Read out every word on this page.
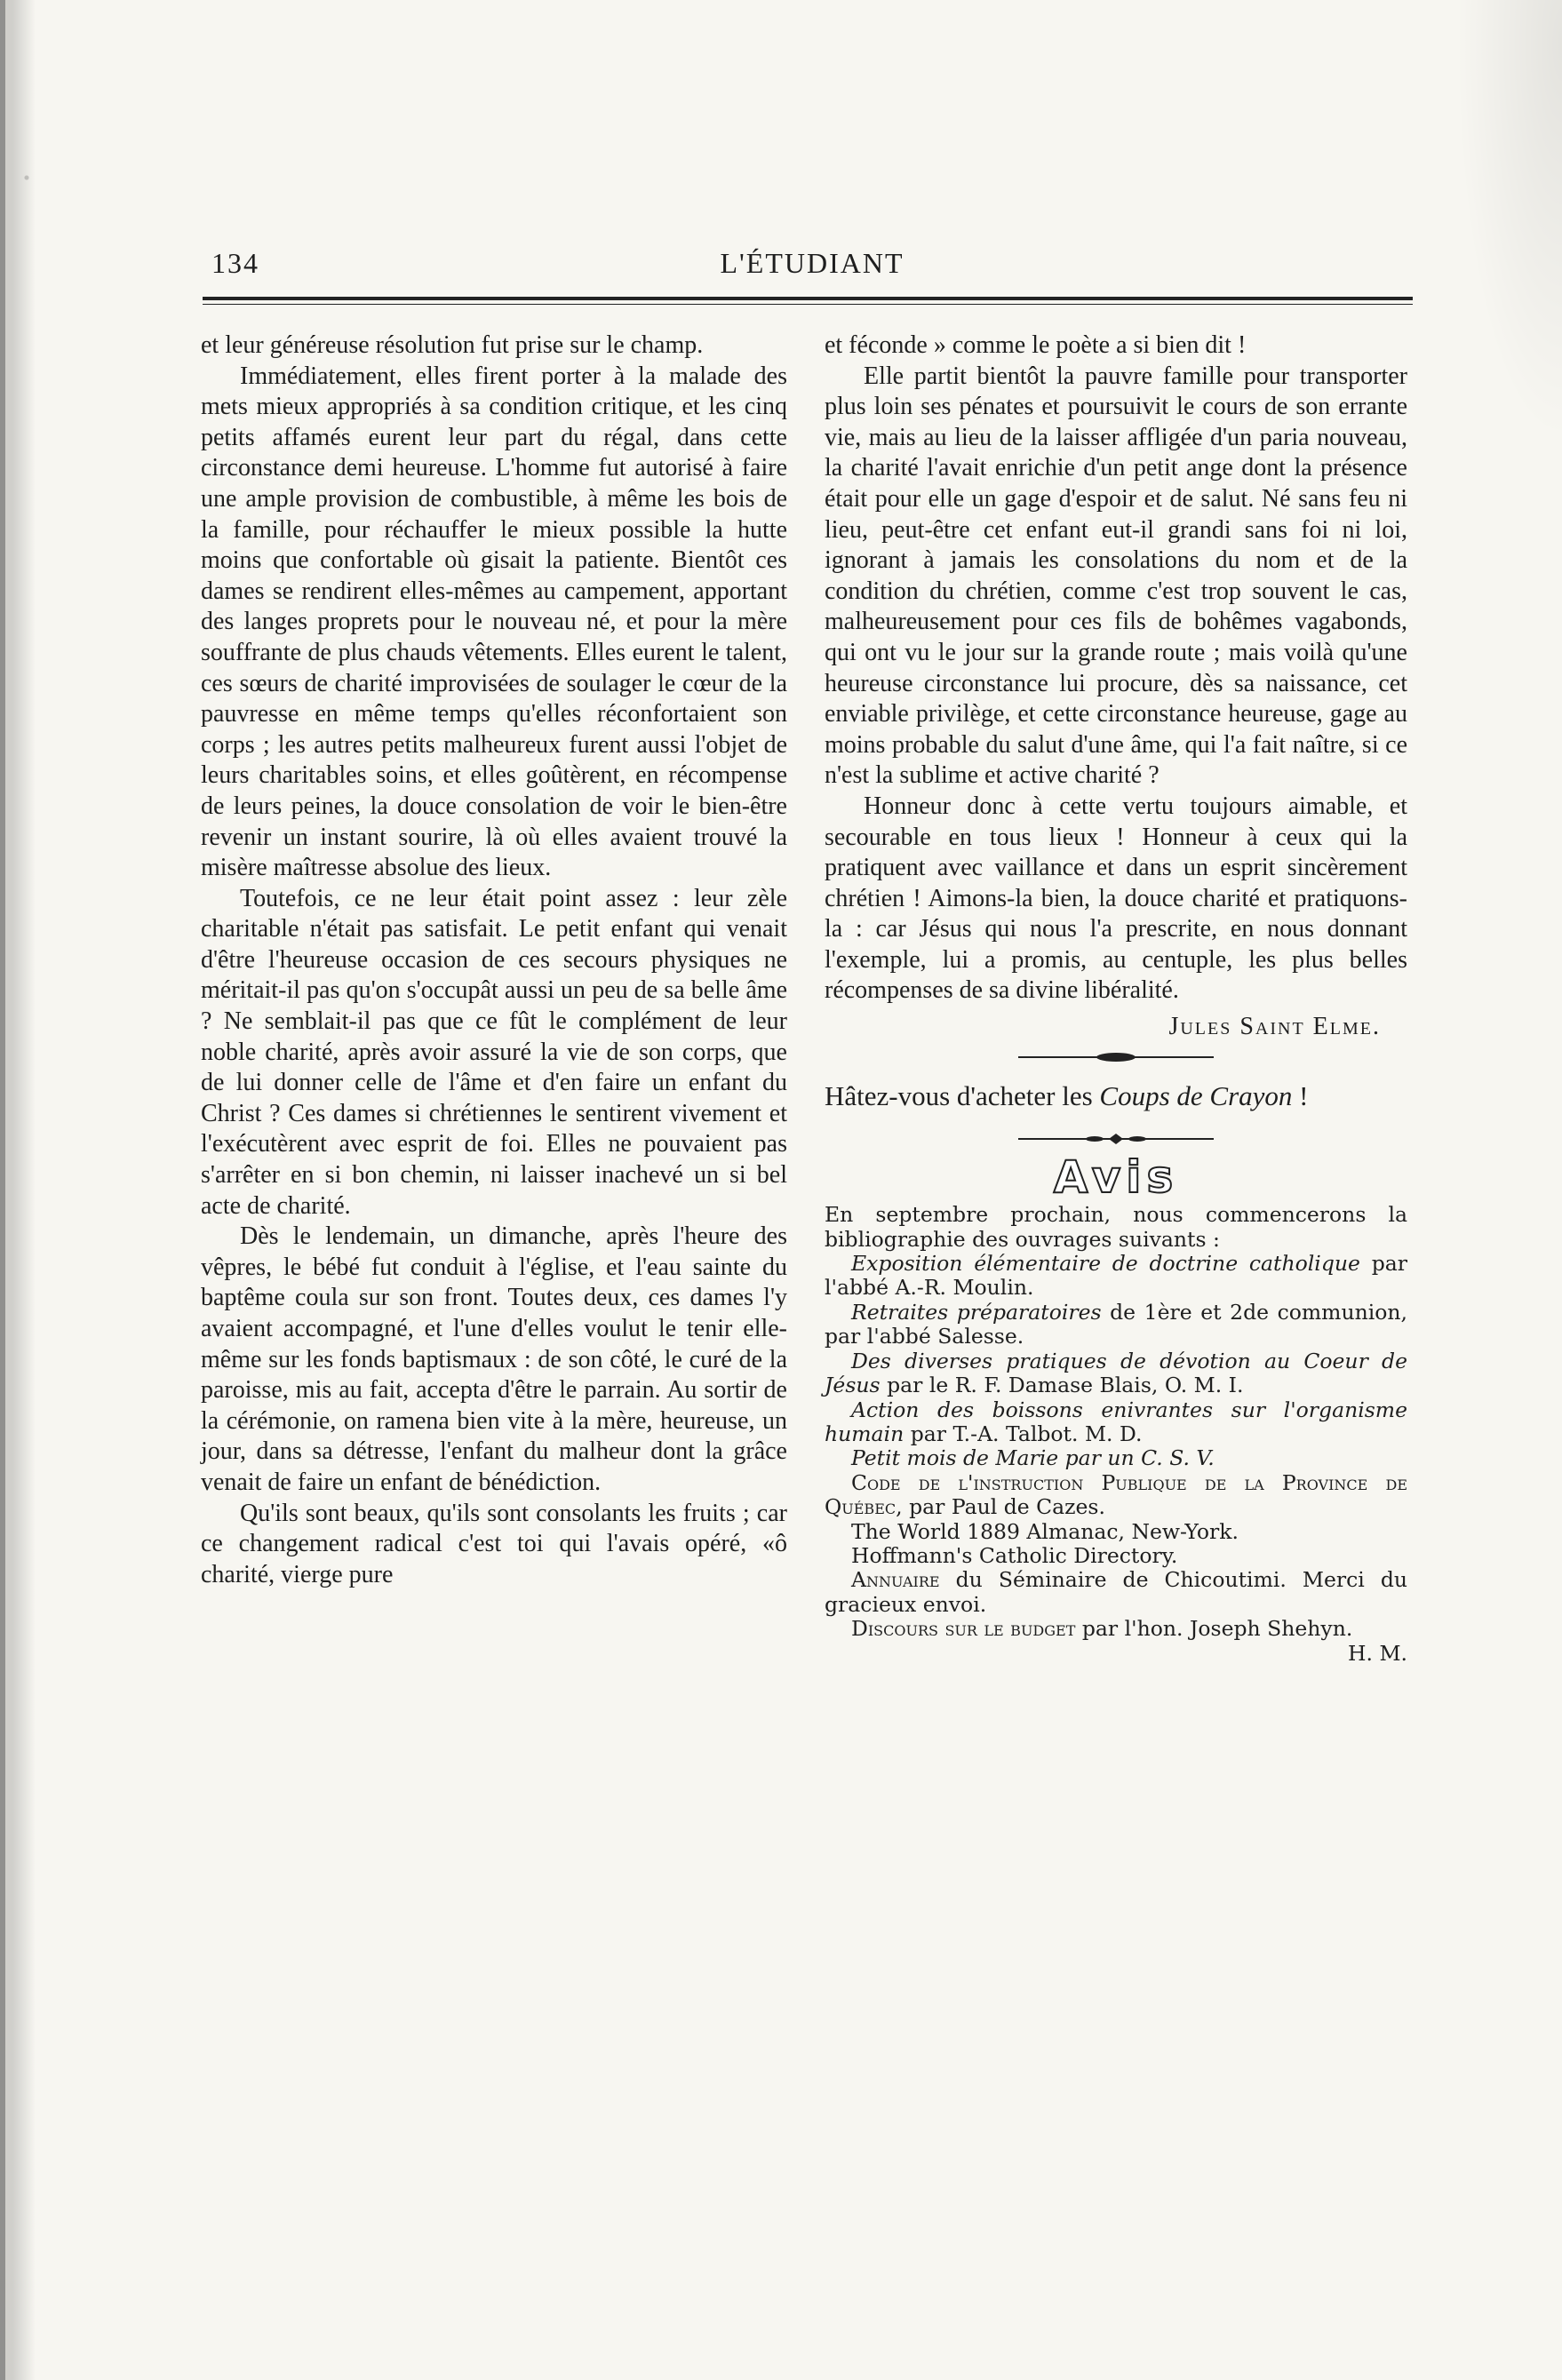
134	L'ÉTUDIANT

et leur généreuse résolution fut prise sur le champ.

Immédiatement, elles firent porter à la malade des mets mieux appropriés à sa condition critique, et les cinq petits affamés eurent leur part du régal, dans cette circonstance demi heureuse. L'homme fut autorisé à faire une ample provision de combustible, à même les bois de la famille, pour réchauffer le mieux possible la hutte moins que confortable où gisait la patiente. Bientôt ces dames se rendirent elles-mêmes au campement, apportant des langes proprets pour le nouveau né, et pour la mère souffrante de plus chauds vêtements. Elles eurent le talent, ces sœurs de charité improvisées de soulager le cœur de la pauvresse en même temps qu'elles réconfortaient son corps ; les autres petits malheureux furent aussi l'objet de leurs charitables soins, et elles goûtèrent, en récompense de leurs peines, la douce consolation de voir le bien-être revenir un instant sourire, là où elles avaient trouvé la misère maîtresse absolue des lieux.

Toutefois, ce ne leur était point assez : leur zèle charitable n'était pas satisfait. Le petit enfant qui venait d'être l'heureuse occasion de ces secours physiques ne méritait-il pas qu'on s'occupât aussi un peu de sa belle âme ? Ne semblait-il pas que ce fût le complément de leur noble charité, après avoir assuré la vie de son corps, que de lui donner celle de l'âme et d'en faire un enfant du Christ ? Ces dames si chrétiennes le sentirent vivement et l'exécutèrent avec esprit de foi. Elles ne pouvaient pas s'arrêter en si bon chemin, ni laisser inachevé un si bel acte de charité.

Dès le lendemain, un dimanche, après l'heure des vêpres, le bébé fut conduit à l'église, et l'eau sainte du baptême coula sur son front. Toutes deux, ces dames l'y avaient accompagné, et l'une d'elles voulut le tenir elle-même sur les fonds baptismaux : de son côté, le curé de la paroisse, mis au fait, accepta d'être le parrain. Au sortir de la cérémonie, on ramena bien vite à la mère, heureuse, un jour, dans sa détresse, l'enfant du malheur dont la grâce venait de faire un enfant de bénédiction.

Qu'ils sont beaux, qu'ils sont consolants les fruits ; car ce changement radical c'est toi qui l'avais opéré, «ô charité, vierge pure

et féconde » comme le poète a si bien dit !

Elle partit bientôt la pauvre famille pour transporter plus loin ses pénates et poursuivit le cours de son errante vie, mais au lieu de la laisser affligée d'un paria nouveau, la charité l'avait enrichie d'un petit ange dont la présence était pour elle un gage d'espoir et de salut. Né sans feu ni lieu, peut-être cet enfant eut-il grandi sans foi ni loi, ignorant à jamais les consolations du nom et de la condition du chrétien, comme c'est trop souvent le cas, malheureusement pour ces fils de bohêmes vagabonds, qui ont vu le jour sur la grande route ; mais voilà qu'une heureuse circonstance lui procure, dès sa naissance, cet enviable privilège, et cette circonstance heureuse, gage au moins probable du salut d'une âme, qui l'a fait naître, si ce n'est la sublime et active charité ?

Honneur donc à cette vertu toujours aimable, et secourable en tous lieux ! Honneur à ceux qui la pratiquent avec vaillance et dans un esprit sincèrement chrétien ! Aimons-la bien, la douce charité et pratiquons-la : car Jésus qui nous l'a prescrite, en nous donnant l'exemple, lui a promis, au centuple, les plus belles récompenses de sa divine libéralité.

Jules Saint Elme.

Hâtez-vous d'acheter les Coups de Crayon !

Avis

En septembre prochain, nous commencerons la bibliographie des ouvrages suivants :

Exposition élémentaire de doctrine catholique par l'abbé A.-R. Moulin.

Retraites préparatoires de 1ère et 2de communion, par l'abbé Salesse.

Des diverses pratiques de dévotion au Coeur de Jésus par le R. F. Damase Blais, O. M. I.

Action des boissons enivrantes sur l'organisme humain par T.-A. Talbot. M. D.

Petit mois de Marie par un C. S. V.

Code de l'instruction Publique de la Province de Québec, par Paul de Cazes.

The World 1889 Almanac, New-York.

Hoffmann's Catholic Directory.

Annuaire du Séminaire de Chicoutimi. Merci du gracieux envoi.

Discours sur le budget par l'hon. Joseph Shehyn.

H. M.
